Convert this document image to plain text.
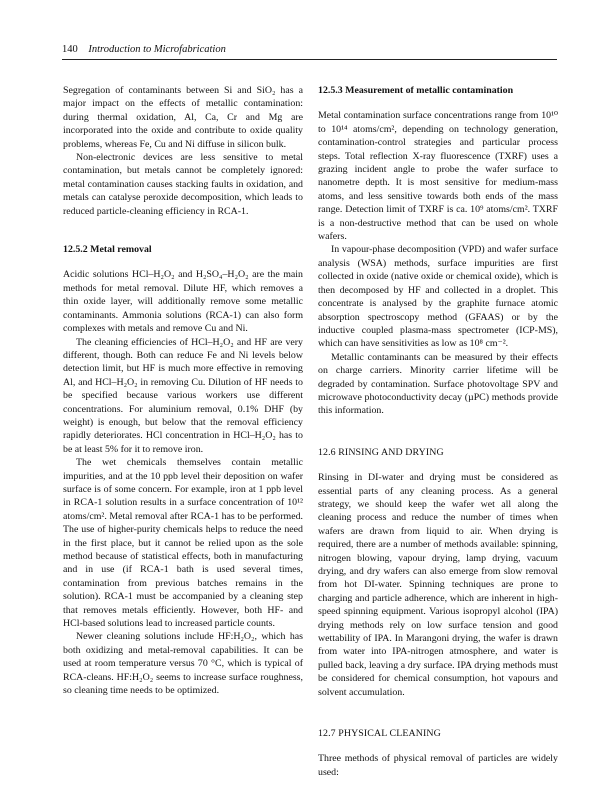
140 Introduction to Microfabrication

Segregation of contaminants between Si and SiO₂ has a major impact on the effects of metallic contamination: during thermal oxidation, Al, Ca, Cr and Mg are incorporated into the oxide and contribute to oxide quality problems, whereas Fe, Cu and Ni diffuse in silicon bulk.

Non-electronic devices are less sensitive to metal contamination, but metals cannot be completely ignored: metal contamination causes stacking faults in oxidation, and metals can catalyse peroxide decomposition, which leads to reduced particle-cleaning efficiency in RCA-1.

12.5.2 Metal removal

Acidic solutions HCl–H₂O₂ and H₂SO₄–H₂O₂ are the main methods for metal removal. Dilute HF, which removes a thin oxide layer, will additionally remove some metallic contaminants. Ammonia solutions (RCA-1) can also form complexes with metals and remove Cu and Ni.

The cleaning efficiencies of HCl–H₂O₂ and HF are very different, though. Both can reduce Fe and Ni levels below detection limit, but HF is much more effective in removing Al, and HCl–H₂O₂ in removing Cu. Dilution of HF needs to be specified because various workers use different concentrations. For aluminium removal, 0.1% DHF (by weight) is enough, but below that the removal efficiency rapidly deteriorates. HCl concentration in HCl–H₂O₂ has to be at least 5% for it to remove iron.

The wet chemicals themselves contain metallic impurities, and at the 10 ppb level their deposition on wafer surface is of some concern. For example, iron at 1 ppb level in RCA-1 solution results in a surface concentration of 10¹² atoms/cm². Metal removal after RCA-1 has to be performed. The use of higher-purity chemicals helps to reduce the need in the first place, but it cannot be relied upon as the sole method because of statistical effects, both in manufacturing and in use (if RCA-1 bath is used several times, contamination from previous batches remains in the solution). RCA-1 must be accompanied by a cleaning step that removes metals efficiently. However, both HF- and HCl-based solutions lead to increased particle counts.

Newer cleaning solutions include HF:H₂O₂, which has both oxidizing and metal-removal capabilities. It can be used at room temperature versus 70 °C, which is typical of RCA-cleans. HF:H₂O₂ seems to increase surface roughness, so cleaning time needs to be optimized.

12.5.3 Measurement of metallic contamination

Metal contamination surface concentrations range from 10¹⁰ to 10¹⁴ atoms/cm², depending on technology generation, contamination-control strategies and particular process steps. Total reflection X-ray fluorescence (TXRF) uses a grazing incident angle to probe the wafer surface to nanometre depth. It is most sensitive for medium-mass atoms, and less sensitive towards both ends of the mass range. Detection limit of TXRF is ca. 10⁹ atoms/cm². TXRF is a non-destructive method that can be used on whole wafers.

In vapour-phase decomposition (VPD) and wafer surface analysis (WSA) methods, surface impurities are first collected in oxide (native oxide or chemical oxide), which is then decomposed by HF and collected in a droplet. This concentrate is analysed by the graphite furnace atomic absorption spectroscopy method (GFAAS) or by the inductive coupled plasma-mass spectrometer (ICP-MS), which can have sensitivities as low as 10⁸ cm⁻².

Metallic contaminants can be measured by their effects on charge carriers. Minority carrier lifetime will be degraded by contamination. Surface photovoltage SPV and microwave photoconductivity decay (µPC) methods provide this information.

12.6 RINSING AND DRYING

Rinsing in DI-water and drying must be considered as essential parts of any cleaning process. As a general strategy, we should keep the wafer wet all along the cleaning process and reduce the number of times when wafers are drawn from liquid to air. When drying is required, there are a number of methods available: spinning, nitrogen blowing, vapour drying, lamp drying, vacuum drying, and dry wafers can also emerge from slow removal from hot DI-water. Spinning techniques are prone to charging and particle adherence, which are inherent in high-speed spinning equipment. Various isopropyl alcohol (IPA) drying methods rely on low surface tension and good wettability of IPA. In Marangoni drying, the wafer is drawn from water into IPA-nitrogen atmosphere, and water is pulled back, leaving a dry surface. IPA drying methods must be considered for chemical consumption, hot vapours and solvent accumulation.

12.7 PHYSICAL CLEANING

Three methods of physical removal of particles are widely used:
